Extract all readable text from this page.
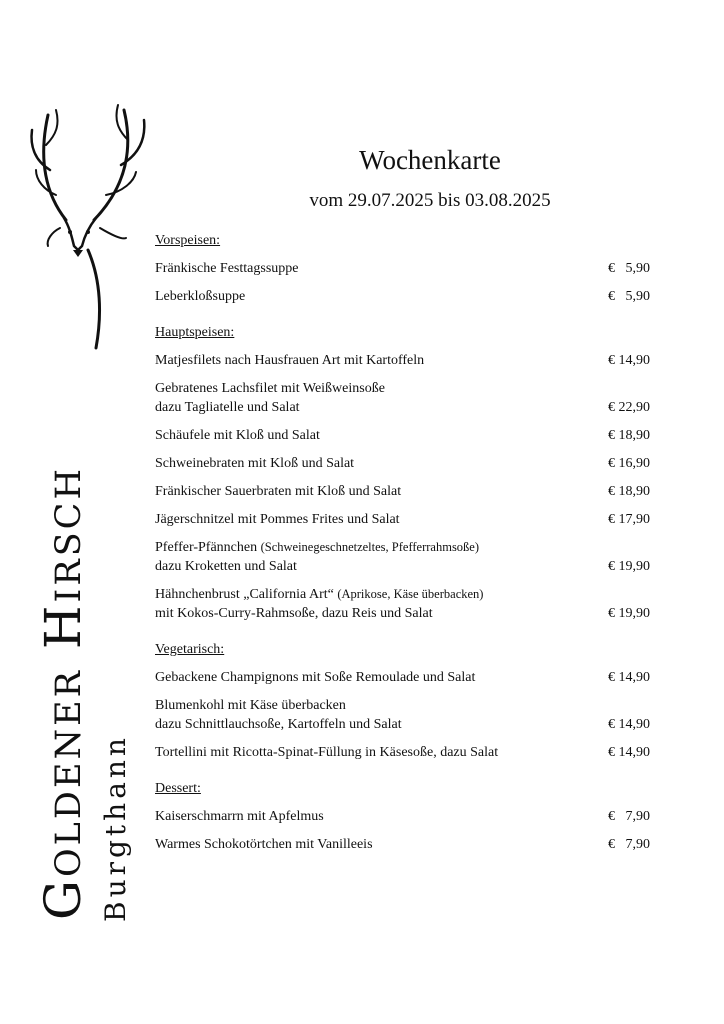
Goldener Hirsch Burgthann
Wochenkarte
vom 29.07.2025 bis 03.08.2025
Vorspeisen:
Fränkische Festtagssuppe	€   5,90
Leberkloßsuppe	€   5,90
Hauptspeisen:
Matjesfilets nach Hausfrauen Art mit Kartoffeln	€ 14,90
Gebratenes Lachsfilet mit Weißweinsoße
dazu Tagliatelle und Salat	€ 22,90
Schäufele mit Kloß und Salat	€ 18,90
Schweinebraten mit Kloß und Salat	€ 16,90
Fränkischer Sauerbraten mit Kloß und Salat	€ 18,90
Jägerschnitzel mit Pommes Frites und Salat	€ 17,90
Pfeffer-Pfännchen (Schweinegeschnetzeltes, Pfefferrahmsoße)
dazu Kroketten und Salat	€ 19,90
Hähnchenbrust „California Art“ (Aprikose, Käse überbacken)
mit Kokos-Curry-Rahmsoße, dazu Reis und Salat	€ 19,90
Vegetarisch:
Gebackene Champignons mit Soße Remoulade und Salat	€ 14,90
Blumenkohl mit Käse überbacken
dazu Schnittlauchsoße, Kartoffeln und Salat	€ 14,90
Tortellini mit Ricotta-Spinat-Füllung in Käsesoße, dazu Salat	€ 14,90
Dessert:
Kaiserschmarrn mit Apfelmus	€   7,90
Warmes Schokotörtchen mit Vanilleeis	€   7,90
